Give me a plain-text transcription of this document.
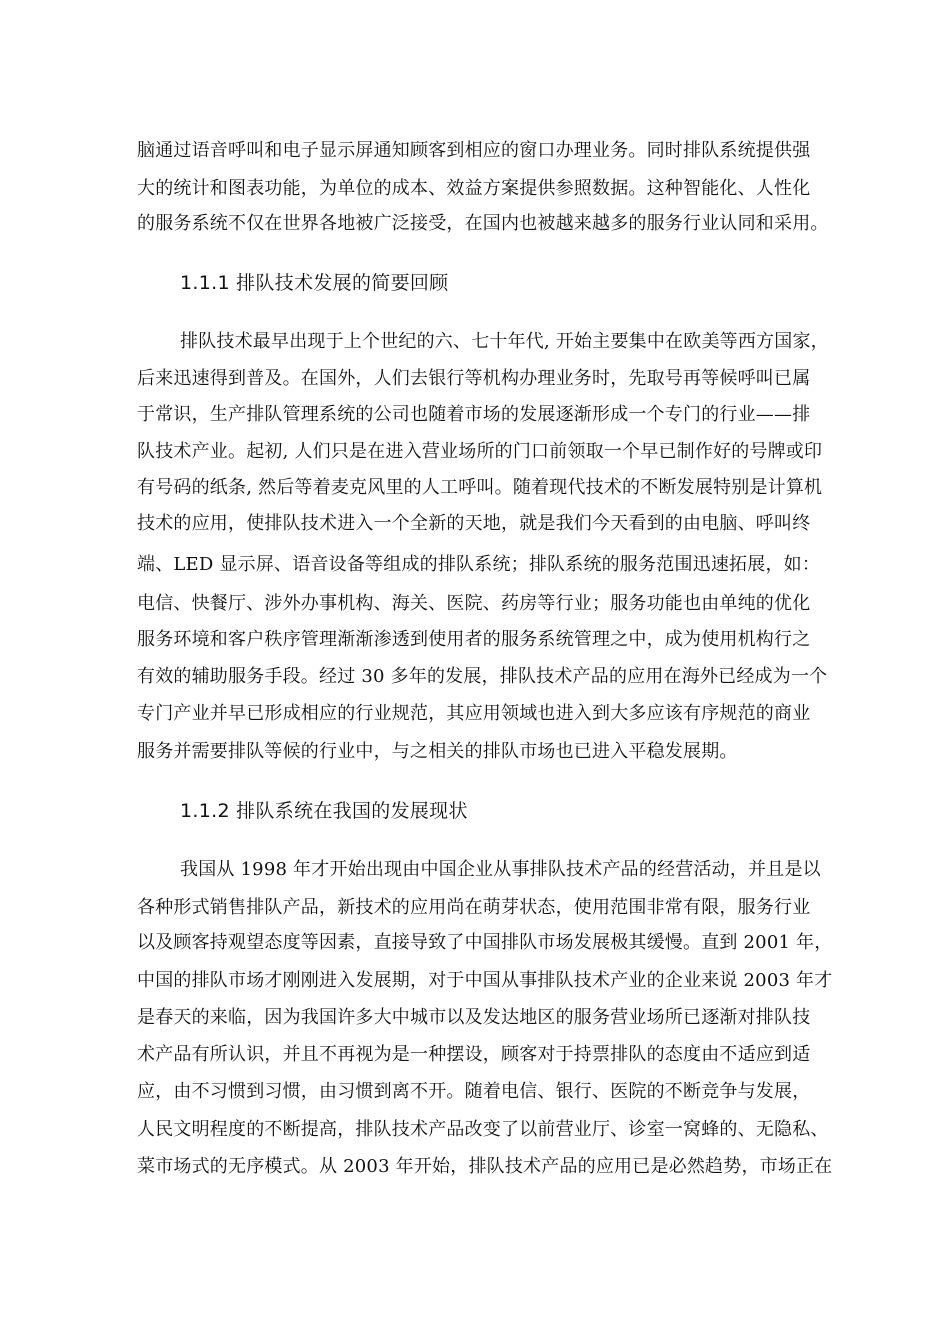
脑通过语音呼叫和电子显示屏通知顾客到相应的窗口办理业务。同时排队系统提供强
大的统计和图表功能，为单位的成本、效益方案提供参照数据。这种智能化、人性化
的服务系统不仅在世界各地被广泛接受，在国内也被越来越多的服务行业认同和采用。
1.1.1 排队技术发展的简要回顾
排队技术最早出现于上个世纪的六、七十年代, 开始主要集中在欧美等西方国家，
后来迅速得到普及。在国外，人们去银行等机构办理业务时，先取号再等候呼叫已属
于常识，生产排队管理系统的公司也随着市场的发展逐渐形成一个专门的行业——排
队技术产业。起初, 人们只是在进入营业场所的门口前领取一个早已制作好的号牌或印
有号码的纸条, 然后等着麦克风里的人工呼叫。随着现代技术的不断发展特别是计算机
技术的应用，使排队技术进入一个全新的天地，就是我们今天看到的由电脑、呼叫终
端、LED 显示屏、语音设备等组成的排队系统；排队系统的服务范围迅速拓展，如：
电信、快餐厅、涉外办事机构、海关、医院、药房等行业；服务功能也由单纯的优化
服务环境和客户秩序管理渐渐渗透到使用者的服务系统管理之中，成为使用机构行之
有效的辅助服务手段。经过 30 多年的发展，排队技术产品的应用在海外已经成为一个
专门产业并早已形成相应的行业规范，其应用领域也进入到大多应该有序规范的商业
服务并需要排队等候的行业中，与之相关的排队市场也已进入平稳发展期。
1.1.2 排队系统在我国的发展现状
我国从 1998 年才开始出现由中国企业从事排队技术产品的经营活动，并且是以
各种形式销售排队产品，新技术的应用尚在萌芽状态，使用范围非常有限，服务行业
以及顾客持观望态度等因素，直接导致了中国排队市场发展极其缓慢。直到 2001 年，
中国的排队市场才刚刚进入发展期，对于中国从事排队技术产业的企业来说 2003 年才
是春天的来临，因为我国许多大中城市以及发达地区的服务营业场所已逐渐对排队技
术产品有所认识，并且不再视为是一种摆设，顾客对于持票排队的态度由不适应到适
应，由不习惯到习惯，由习惯到离不开。随着电信、银行、医院的不断竞争与发展，
人民文明程度的不断提高，排队技术产品改变了以前营业厅、诊室一窝蜂的、无隐私、
菜市场式的无序模式。从 2003 年开始，排队技术产品的应用已是必然趋势，市场正在
